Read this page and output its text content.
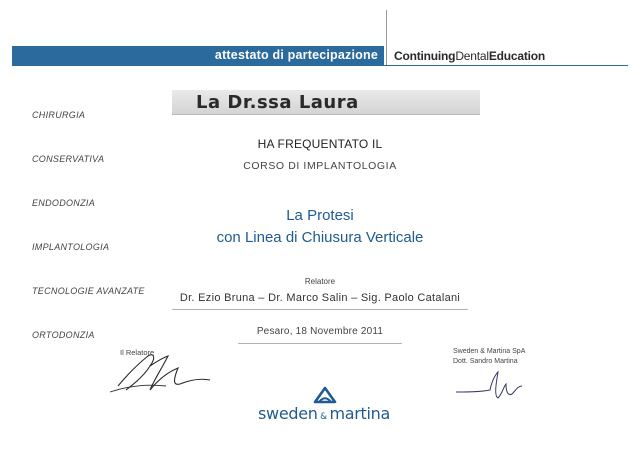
attestato di partecipazione ContinuingDentalEducation
CHIRURGIA
CONSERVATIVA
ENDODONZIA
IMPLANTOLOGIA
TECNOLOGIE AVANZATE
ORTODONZIA
La Dr.ssa Laura
HA FREQUENTATO IL
CORSO DI IMPLANTOLOGIA
La Protesi
con Linea di Chiusura Verticale
Relatore
Dr. Ezio Bruna – Dr. Marco Salin – Sig. Paolo Catalani
Pesaro, 18 Novembre 2011
Il Relatore	Sweden & Martina SpA
Dott. Sandro Martina
sweden & martina
